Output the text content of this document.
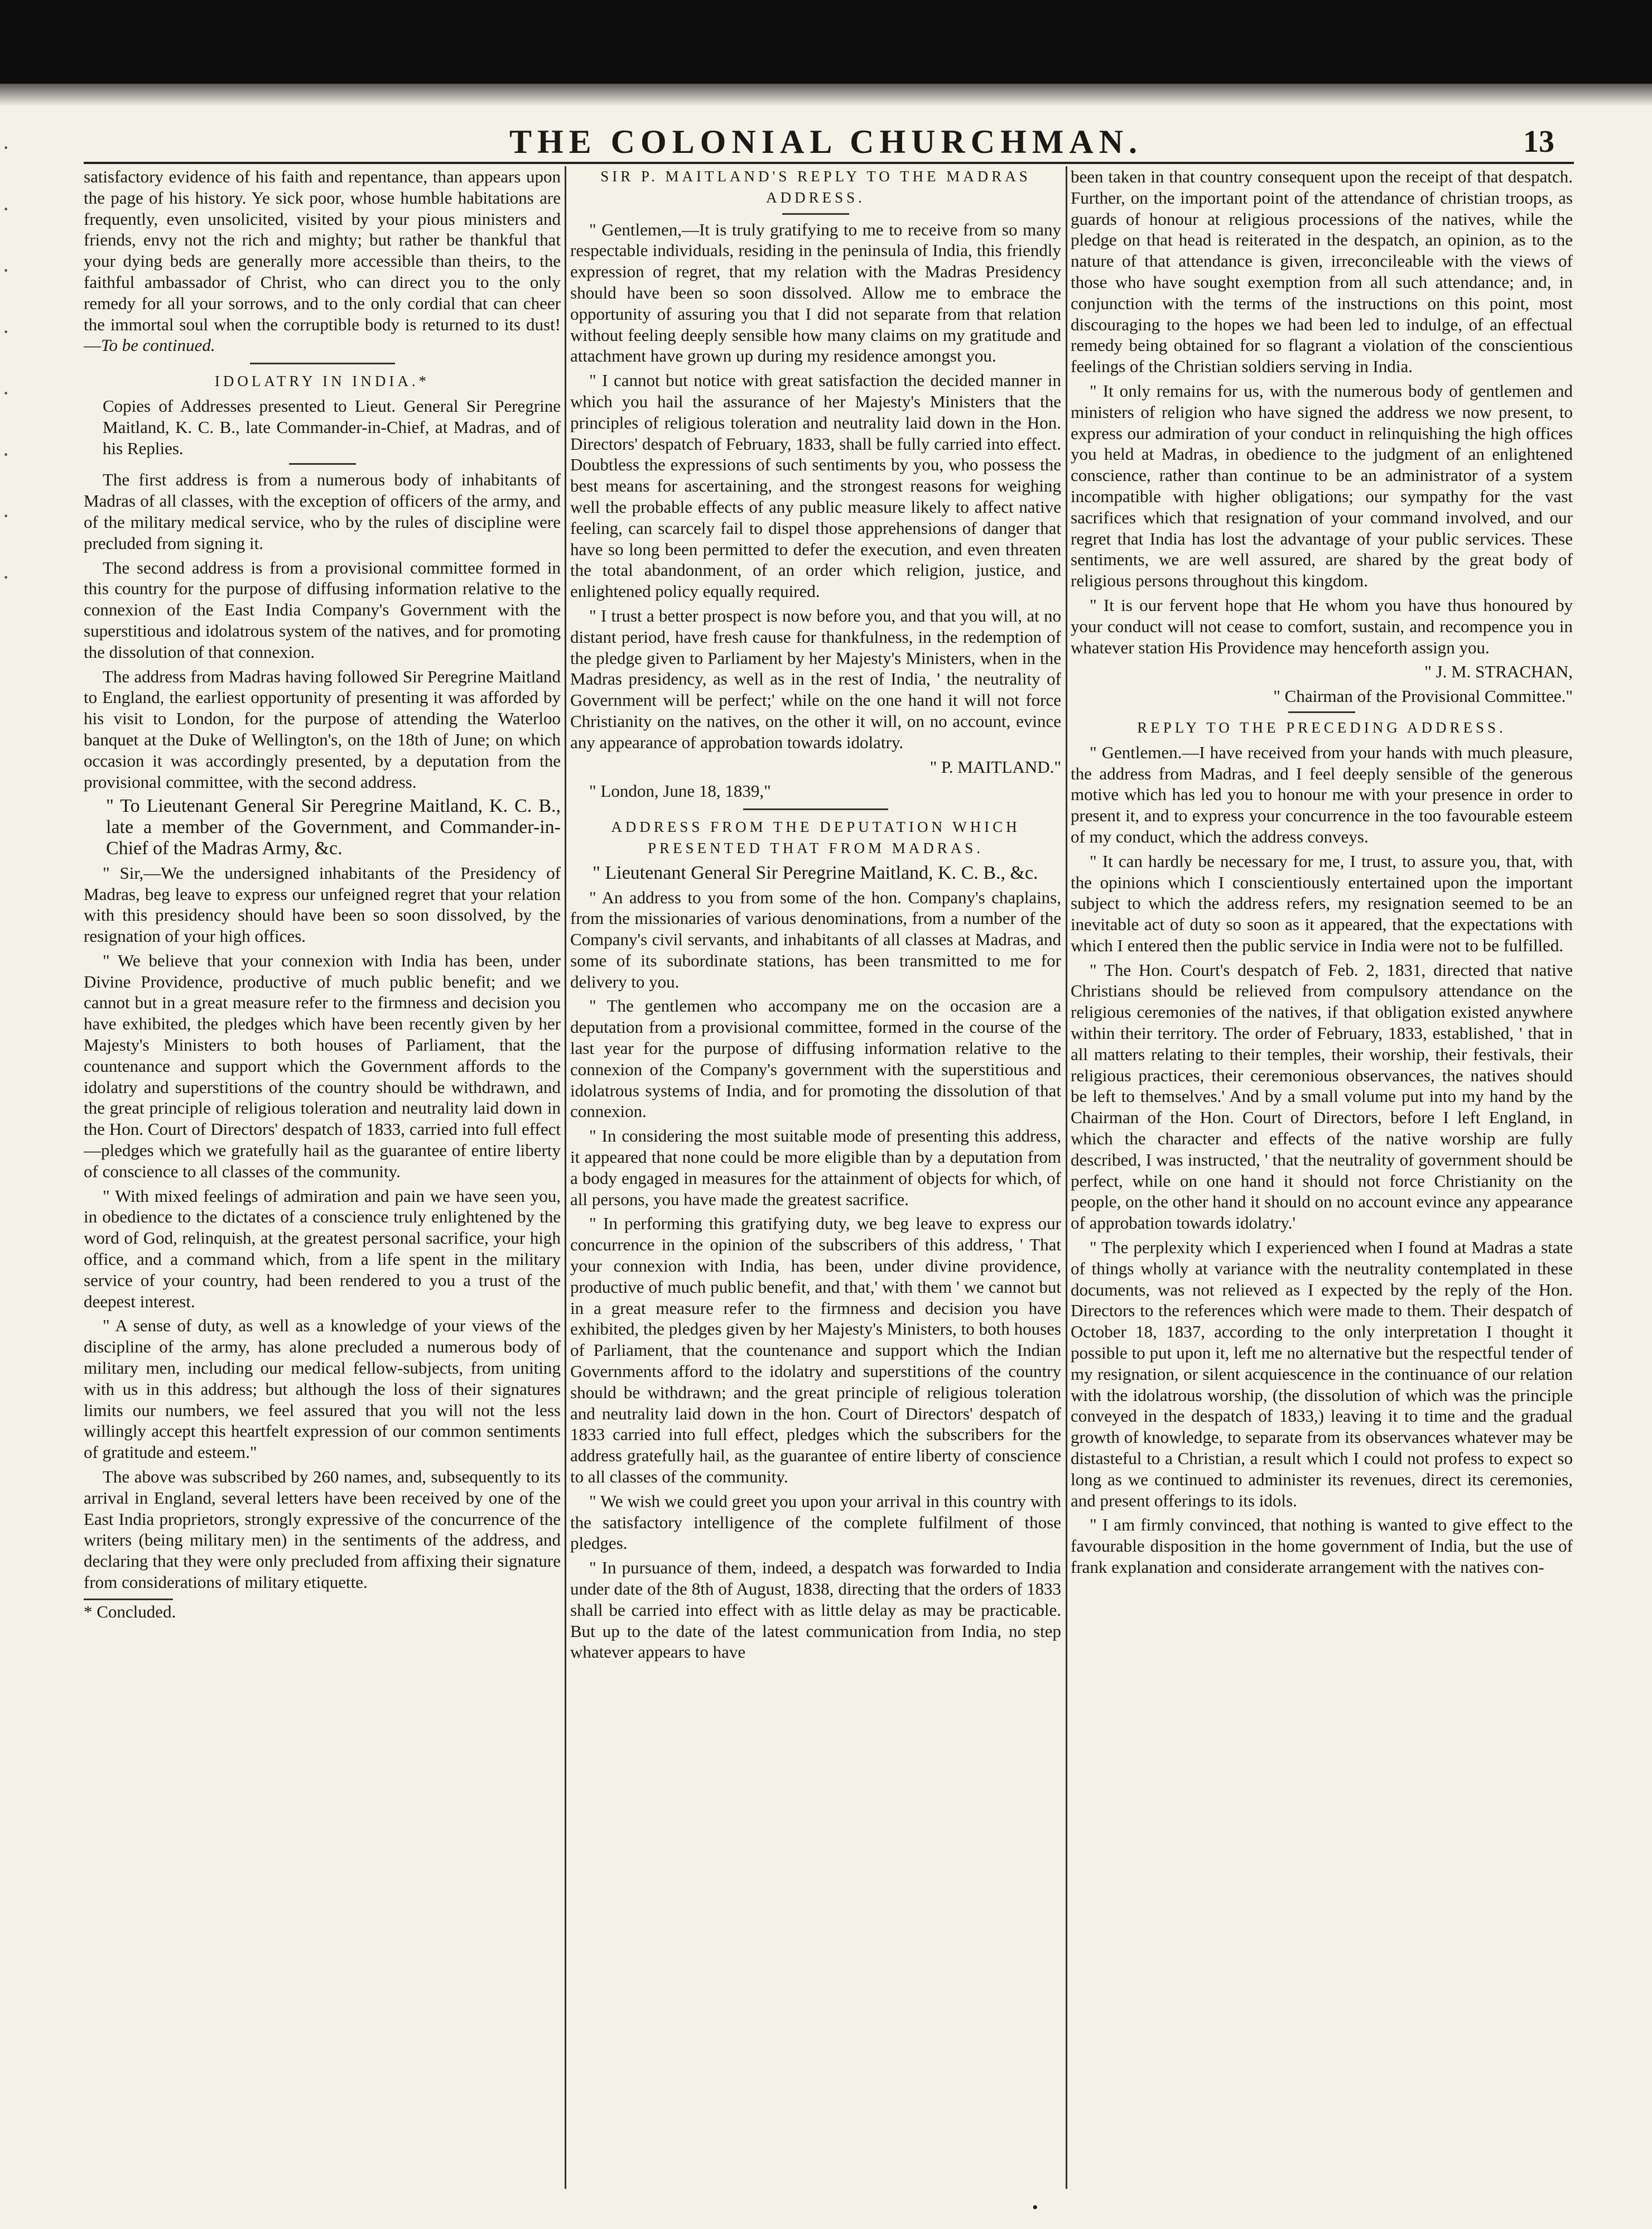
·
·
·
·
·
·
·
·
THE COLONIAL CHURCHMAN.	13

satisfactory evidence of his faith and repentance, than appears upon the page of his history. Ye sick poor, whose humble habitations are frequently, even unsolicited, visited by your pious ministers and friends, envy not the rich and mighty; but rather be thankful that your dying beds are generally more accessible than theirs, to the faithful ambassador of Christ, who can direct you to the only remedy for all your sorrows, and to the only cordial that can cheer the immortal soul when the corruptible body is returned to its dust!—To be continued.

IDOLATRY IN INDIA.*

Copies of Addresses presented to Lieut. General Sir Peregrine Maitland, K. C. B., late Commander-in-Chief, at Madras, and of his Replies.

The first address is from a numerous body of inhabitants of Madras of all classes, with the exception of officers of the army, and of the military medical service, who by the rules of discipline were precluded from signing it.

The second address is from a provisional committee formed in this country for the purpose of diffusing information relative to the connexion of the East India Company's Government with the superstitious and idolatrous system of the natives, and for promoting the dissolution of that connexion.

The address from Madras having followed Sir Peregrine Maitland to England, the earliest opportunity of presenting it was afforded by his visit to London, for the purpose of attending the Waterloo banquet at the Duke of Wellington's, on the 18th of June; on which occasion it was accordingly presented, by a deputation from the provisional committee, with the second address.

" To Lieutenant General Sir Peregrine Maitland, K. C. B., late a member of the Government, and Commander-in-Chief of the Madras Army, &c.

" Sir,—We the undersigned inhabitants of the Presidency of Madras, beg leave to express our unfeigned regret that your relation with this presidency should have been so soon dissolved, by the resignation of your high offices.

" We believe that your connexion with India has been, under Divine Providence, productive of much public benefit; and we cannot but in a great measure refer to the firmness and decision you have exhibited, the pledges which have been recently given by her Majesty's Ministers to both houses of Parliament, that the countenance and support which the Government affords to the idolatry and superstitions of the country should be withdrawn, and the great principle of religious toleration and neutrality laid down in the Hon. Court of Directors' despatch of 1833, carried into full effect—pledges which we gratefully hail as the guarantee of entire liberty of conscience to all classes of the community.

" With mixed feelings of admiration and pain we have seen you, in obedience to the dictates of a conscience truly enlightened by the word of God, relinquish, at the greatest personal sacrifice, your high office, and a command which, from a life spent in the military service of your country, had been rendered to you a trust of the deepest interest.

" A sense of duty, as well as a knowledge of your views of the discipline of the army, has alone precluded a numerous body of military men, including our medical fellow-subjects, from uniting with us in this address; but although the loss of their signatures limits our numbers, we feel assured that you will not the less willingly accept this heartfelt expression of our common sentiments of gratitude and esteem."

The above was subscribed by 260 names, and, subsequently to its arrival in England, several letters have been received by one of the East India proprietors, strongly expressive of the concurrence of the writers (being military men) in the sentiments of the address, and declaring that they were only precluded from affixing their signature from considerations of military etiquette.

* Concluded.

SIR P. MAITLAND'S REPLY TO THE MADRAS ADDRESS.

" Gentlemen,—It is truly gratifying to me to receive from so many respectable individuals, residing in the peninsula of India, this friendly expression of regret, that my relation with the Madras Presidency should have been so soon dissolved. Allow me to embrace the opportunity of assuring you that I did not separate from that relation without feeling deeply sensible how many claims on my gratitude and attachment have grown up during my residence amongst you.

" I cannot but notice with great satisfaction the decided manner in which you hail the assurance of her Majesty's Ministers that the principles of religious toleration and neutrality laid down in the Hon. Directors' despatch of February, 1833, shall be fully carried into effect. Doubtless the expressions of such sentiments by you, who possess the best means for ascertaining, and the strongest reasons for weighing well the probable effects of any public measure likely to affect native feeling, can scarcely fail to dispel those apprehensions of danger that have so long been permitted to defer the execution, and even threaten the total abandonment, of an order which religion, justice, and enlightened policy equally required.

" I trust a better prospect is now before you, and that you will, at no distant period, have fresh cause for thankfulness, in the redemption of the pledge given to Parliament by her Majesty's Ministers, when in the Madras presidency, as well as in the rest of India, ' the neutrality of Government will be perfect;' while on the one hand it will not force Christianity on the natives, on the other it will, on no account, evince any appearance of approbation towards idolatry.

" P. MAITLAND."

" London, June 18, 1839,"

ADDRESS FROM THE DEPUTATION WHICH PRESENTED THAT FROM MADRAS.

" Lieutenant General Sir Peregrine Maitland, K. C. B., &c.

" An address to you from some of the hon. Company's chaplains, from the missionaries of various denominations, from a number of the Company's civil servants, and inhabitants of all classes at Madras, and some of its subordinate stations, has been transmitted to me for delivery to you.

" The gentlemen who accompany me on the occasion are a deputation from a provisional committee, formed in the course of the last year for the purpose of diffusing information relative to the connexion of the Company's government with the superstitious and idolatrous systems of India, and for promoting the dissolution of that connexion.

" In considering the most suitable mode of presenting this address, it appeared that none could be more eligible than by a deputation from a body engaged in measures for the attainment of objects for which, of all persons, you have made the greatest sacrifice.

" In performing this gratifying duty, we beg leave to express our concurrence in the opinion of the subscribers of this address, ' That your connexion with India, has been, under divine providence, productive of much public benefit, and that,' with them ' we cannot but in a great measure refer to the firmness and decision you have exhibited, the pledges given by her Majesty's Ministers, to both houses of Parliament, that the countenance and support which the Indian Governments afford to the idolatry and superstitions of the country should be withdrawn; and the great principle of religious toleration and neutrality laid down in the hon. Court of Directors' despatch of 1833 carried into full effect, pledges which the subscribers for the address gratefully hail, as the guarantee of entire liberty of conscience to all classes of the community.

" We wish we could greet you upon your arrival in this country with the satisfactory intelligence of the complete fulfilment of those pledges.

" In pursuance of them, indeed, a despatch was forwarded to India under date of the 8th of August, 1838, directing that the orders of 1833 shall be carried into effect with as little delay as may be practicable. But up to the date of the latest communication from India, no step whatever appears to have

been taken in that country consequent upon the receipt of that despatch. Further, on the important point of the attendance of christian troops, as guards of honour at religious processions of the natives, while the pledge on that head is reiterated in the despatch, an opinion, as to the nature of that attendance is given, irreconcileable with the views of those who have sought exemption from all such attendance; and, in conjunction with the terms of the instructions on this point, most discouraging to the hopes we had been led to indulge, of an effectual remedy being obtained for so flagrant a violation of the conscientious feelings of the Christian soldiers serving in India.

" It only remains for us, with the numerous body of gentlemen and ministers of religion who have signed the address we now present, to express our admiration of your conduct in relinquishing the high offices you held at Madras, in obedience to the judgment of an enlightened conscience, rather than continue to be an administrator of a system incompatible with higher obligations; our sympathy for the vast sacrifices which that resignation of your command involved, and our regret that India has lost the advantage of your public services. These sentiments, we are well assured, are shared by the great body of religious persons throughout this kingdom.

" It is our fervent hope that He whom you have thus honoured by your conduct will not cease to comfort, sustain, and recompence you in whatever station His Providence may henceforth assign you.

" J. M. STRACHAN,

" Chairman of the Provisional Committee."

REPLY TO THE PRECEDING ADDRESS.

" Gentlemen.—I have received from your hands with much pleasure, the address from Madras, and I feel deeply sensible of the generous motive which has led you to honour me with your presence in order to present it, and to express your concurrence in the too favourable esteem of my conduct, which the address conveys.

" It can hardly be necessary for me, I trust, to assure you, that, with the opinions which I conscientiously entertained upon the important subject to which the address refers, my resignation seemed to be an inevitable act of duty so soon as it appeared, that the expectations with which I entered then the public service in India were not to be fulfilled.

" The Hon. Court's despatch of Feb. 2, 1831, directed that native Christians should be relieved from compulsory attendance on the religious ceremonies of the natives, if that obligation existed anywhere within their territory. The order of February, 1833, established, ' that in all matters relating to their temples, their worship, their festivals, their religious practices, their ceremonious observances, the natives should be left to themselves.' And by a small volume put into my hand by the Chairman of the Hon. Court of Directors, before I left England, in which the character and effects of the native worship are fully described, I was instructed, ' that the neutrality of government should be perfect, while on one hand it should not force Christianity on the people, on the other hand it should on no account evince any appearance of approbation towards idolatry.'

" The perplexity which I experienced when I found at Madras a state of things wholly at variance with the neutrality contemplated in these documents, was not relieved as I expected by the reply of the Hon. Directors to the references which were made to them. Their despatch of October 18, 1837, according to the only interpretation I thought it possible to put upon it, left me no alternative but the respectful tender of my resignation, or silent acquiescence in the continuance of our relation with the idolatrous worship, (the dissolution of which was the principle conveyed in the despatch of 1833,) leaving it to time and the gradual growth of knowledge, to separate from its observances whatever may be distasteful to a Christian, a result which I could not profess to expect so long as we continued to administer its revenues, direct its ceremonies, and present offerings to its idols.

" I am firmly convinced, that nothing is wanted to give effect to the favourable disposition in the home government of India, but the use of frank explanation and considerate arrangement with the natives con-

•
